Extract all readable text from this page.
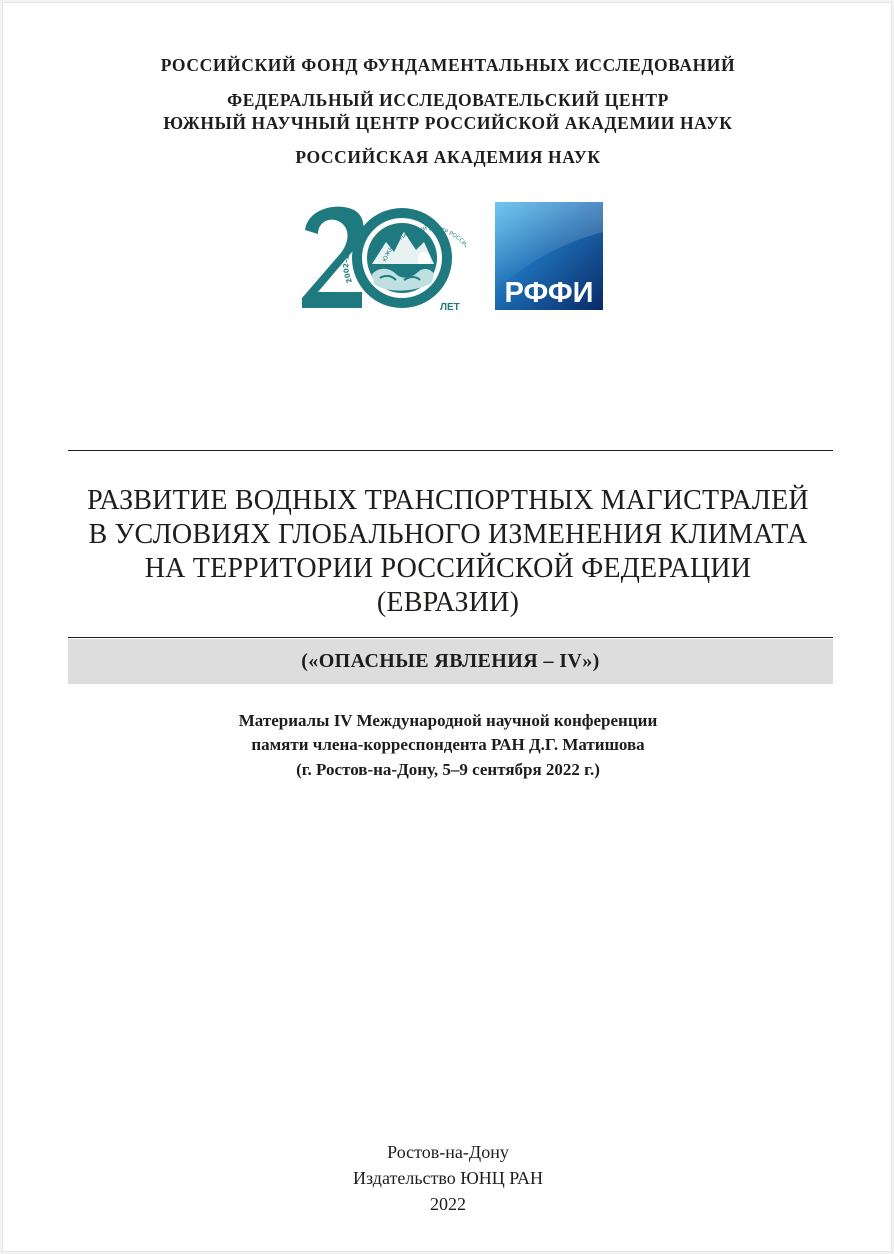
РОССИЙСКИЙ ФОНД ФУНДАМЕНТАЛЬНЫХ ИССЛЕДОВАНИЙ
ФЕДЕРАЛЬНЫЙ ИССЛЕДОВАТЕЛЬСКИЙ ЦЕНТР
ЮЖНЫЙ НАУЧНЫЙ ЦЕНТР РОССИЙСКОЙ АКАДЕМИИ НАУК
РОССИЙСКАЯ АКАДЕМИЯ НАУК
ЮЖНЫЙ НАУЧНЫЙ ЦЕНТР РОСС
2002–2022
ЛЕТ РФФИ
РАЗВИТИЕ ВОДНЫХ ТРАНСПОРТНЫХ МАГИСТРАЛЕЙ
В УСЛОВИЯХ ГЛОБАЛЬНОГО ИЗМЕНЕНИЯ КЛИМАТА
НА ТЕРРИТОРИИ РОССИЙСКОЙ ФЕДЕРАЦИИ
(ЕВРАЗИИ)
(«ОПАСНЫЕ ЯВЛЕНИЯ – IV»)
Материалы IV Международной научной конференции
памяти члена-корреспондента РАН Д.Г. Матишова
(г. Ростов-на-Дону, 5–9 сентября 2022 г.)
Ростов-на-Дону
Издательство ЮНЦ РАН
2022
